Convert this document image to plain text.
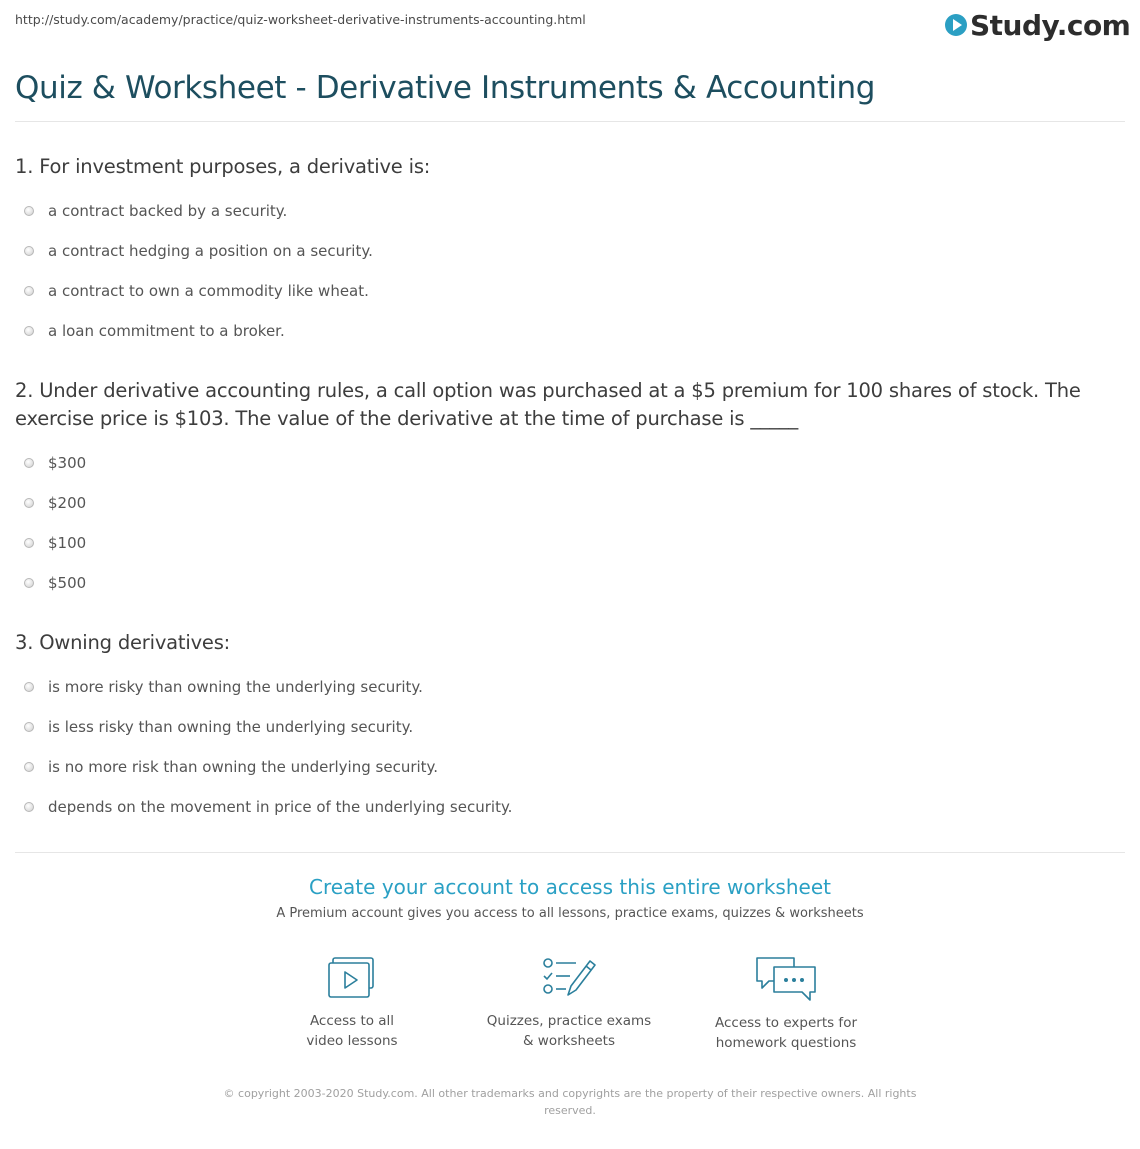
http://study.com/academy/practice/quiz-worksheet-derivative-instruments-accounting.html	Study.com
Quiz & Worksheet - Derivative Instruments & Accounting
1. For investment purposes, a derivative is:
a contract backed by a security.
a contract hedging a position on a security.
a contract to own a commodity like wheat.
a loan commitment to a broker.
2. Under derivative accounting rules, a call option was purchased at a $5 premium for 100 shares of stock. The exercise price is $103. The value of the derivative at the time of purchase is _____
$300
$200
$100
$500
3. Owning derivatives:
is more risky than owning the underlying security.
is less risky than owning the underlying security.
is no more risk than owning the underlying security.
depends on the movement in price of the underlying security.
Create your account to access this entire worksheet
A Premium account gives you access to all lessons, practice exams, quizzes & worksheets
Access to all
video lessons
Quizzes, practice exams
& worksheets
Access to experts for
homework questions
© copyright 2003-2020 Study.com. All other trademarks and copyrights are the property of their respective owners. All rights reserved.
